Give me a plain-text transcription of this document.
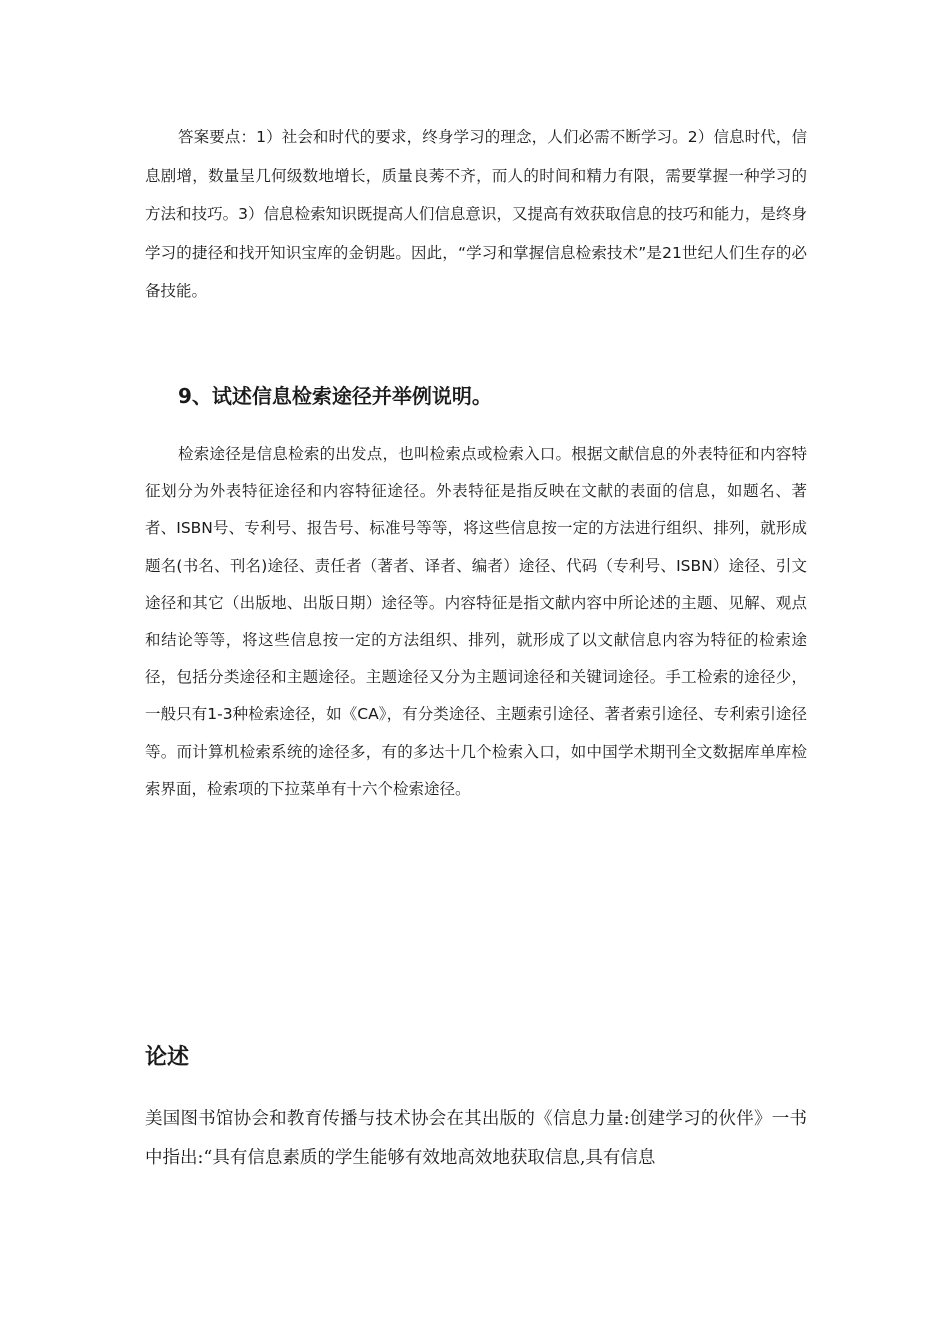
答案要点：1）社会和时代的要求，终身学习的理念，人们必需不断学习。2）信息时代，信息剧增，数量呈几何级数地增长，质量良莠不齐，而人的时间和精力有限，需要掌握一种学习的方法和技巧。3）信息检索知识既提高人们信息意识，又提高有效获取信息的技巧和能力，是终身学习的捷径和找开知识宝库的金钥匙。因此，“学习和掌握信息检索技术”是21世纪人们生存的必备技能。

9、试述信息检索途径并举例说明。

检索途径是信息检索的出发点，也叫检索点或检索入口。根据文献信息的外表特征和内容特征划分为外表特征途径和内容特征途径。外表特征是指反映在文献的表面的信息，如题名、著者、ISBN号、专利号、报告号、标准号等等，将这些信息按一定的方法进行组织、排列，就形成题名(书名、刊名)途径、责任者（著者、译者、编者）途径、代码（专利号、ISBN）途径、引文途径和其它（出版地、出版日期）途径等。内容特征是指文献内容中所论述的主题、见解、观点和结论等等，将这些信息按一定的方法组织、排列，就形成了以文献信息内容为特征的检索途径，包括分类途径和主题途径。主题途径又分为主题词途径和关键词途径。手工检索的途径少，一般只有1-3种检索途径，如《CA》，有分类途径、主题索引途径、著者索引途径、专利索引途径等。而计算机检索系统的途径多，有的多达十几个检索入口，如中国学术期刊全文数据库单库检索界面，检索项的下拉菜单有十六个检索途径。

论述

美国图书馆协会和教育传播与技术协会在其出版的《信息力量:创建学习的伙伴》一书中指出:“具有信息素质的学生能够有效地高效地获取信息,具有信息
